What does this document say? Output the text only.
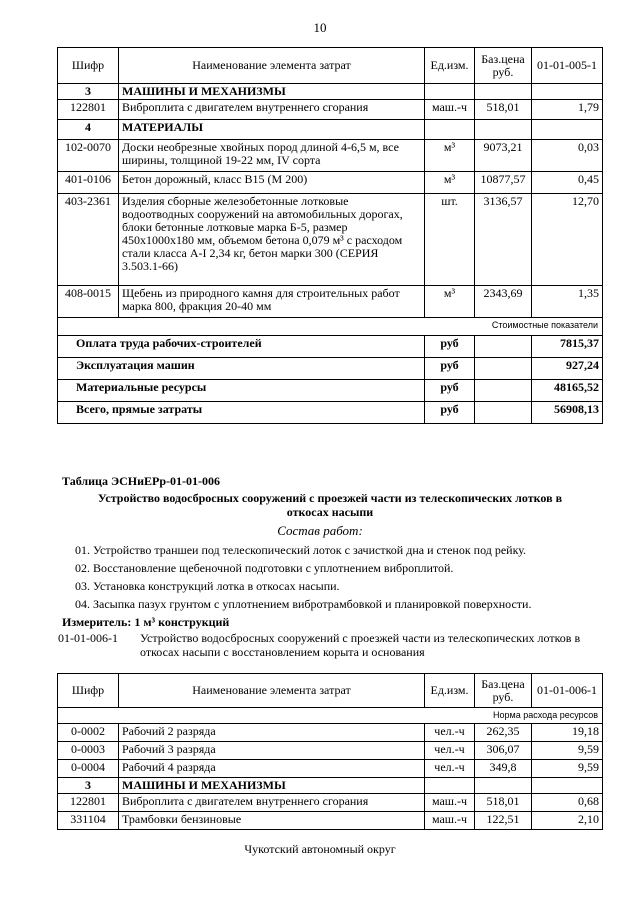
10
Шифр	Наименование элемента затрат	Ед.изм.	Баз.цена руб.	01-01-005-1
3	МАШИНЫ И МЕХАНИЗМЫ			
122801	Виброплита с двигателем внутреннего сгорания	маш.-ч	518,01	1,79
4	МАТЕРИАЛЫ			
102-0070	Доски необрезные хвойных пород длиной 4-6,5 м, все ширины, толщиной 19-22 мм, IV сорта	м³	9073,21	0,03
401-0106	Бетон дорожный, класс В15 (М 200)	м³	10877,57	0,45
403-2361	Изделия сборные железобетонные лотковые водоотводных сооружений на автомобильных дорогах, блоки бетонные лотковые марка Б-5, размер 450х1000х180 мм, объемом бетона 0,079 м³ с расходом стали класса А-I 2,34 кг, бетон марки 300 (СЕРИЯ 3.503.1-66)	шт.	3136,57	12,70
408-0015	Щебень из природного камня для строительных работ марка 800, фракция 20-40 мм	м³	2343,69	1,35
Стоимостные показатели				
Оплата труда рабочих-строителей		руб		7815,37
Эксплуатация машин		руб		927,24
Материальные ресурсы		руб		48165,52
Всего, прямые затраты		руб		56908,13
Таблица ЭСНиЕРр-01-01-006
Устройство водосбросных сооружений с проезжей части из телескопических лотков в откосах насыпи
Состав работ:
01. Устройство траншеи под телескопический лоток с зачисткой дна и стенок под рейку.
02. Восстановление щебеночной подготовки с уплотнением виброплитой.
03. Установка конструкций лотка в откосах насыпи.
04. Засыпка пазух грунтом с уплотнением вибротрамбовкой и планировкой поверхности.
Измеритель: 1 м³ конструкций
01-01-006-1 Устройство водосбросных сооружений с проезжей части из телескопических лотков в откосах насыпи с восстановлением корыта и основания
Шифр	Наименование элемента затрат	Ед.изм.	Баз.цена руб.	01-01-006-1
Норма расхода ресурсов				
0-0002	Рабочий 2 разряда	чел.-ч	262,35	19,18
0-0003	Рабочий 3 разряда	чел.-ч	306,07	9,59
0-0004	Рабочий 4 разряда	чел.-ч	349,8	9,59
3	МАШИНЫ И МЕХАНИЗМЫ			
122801	Виброплита с двигателем внутреннего сгорания	маш.-ч	518,01	0,68
331104	Трамбовки бензиновые	маш.-ч	122,51	2,10
Чукотский автономный округ
